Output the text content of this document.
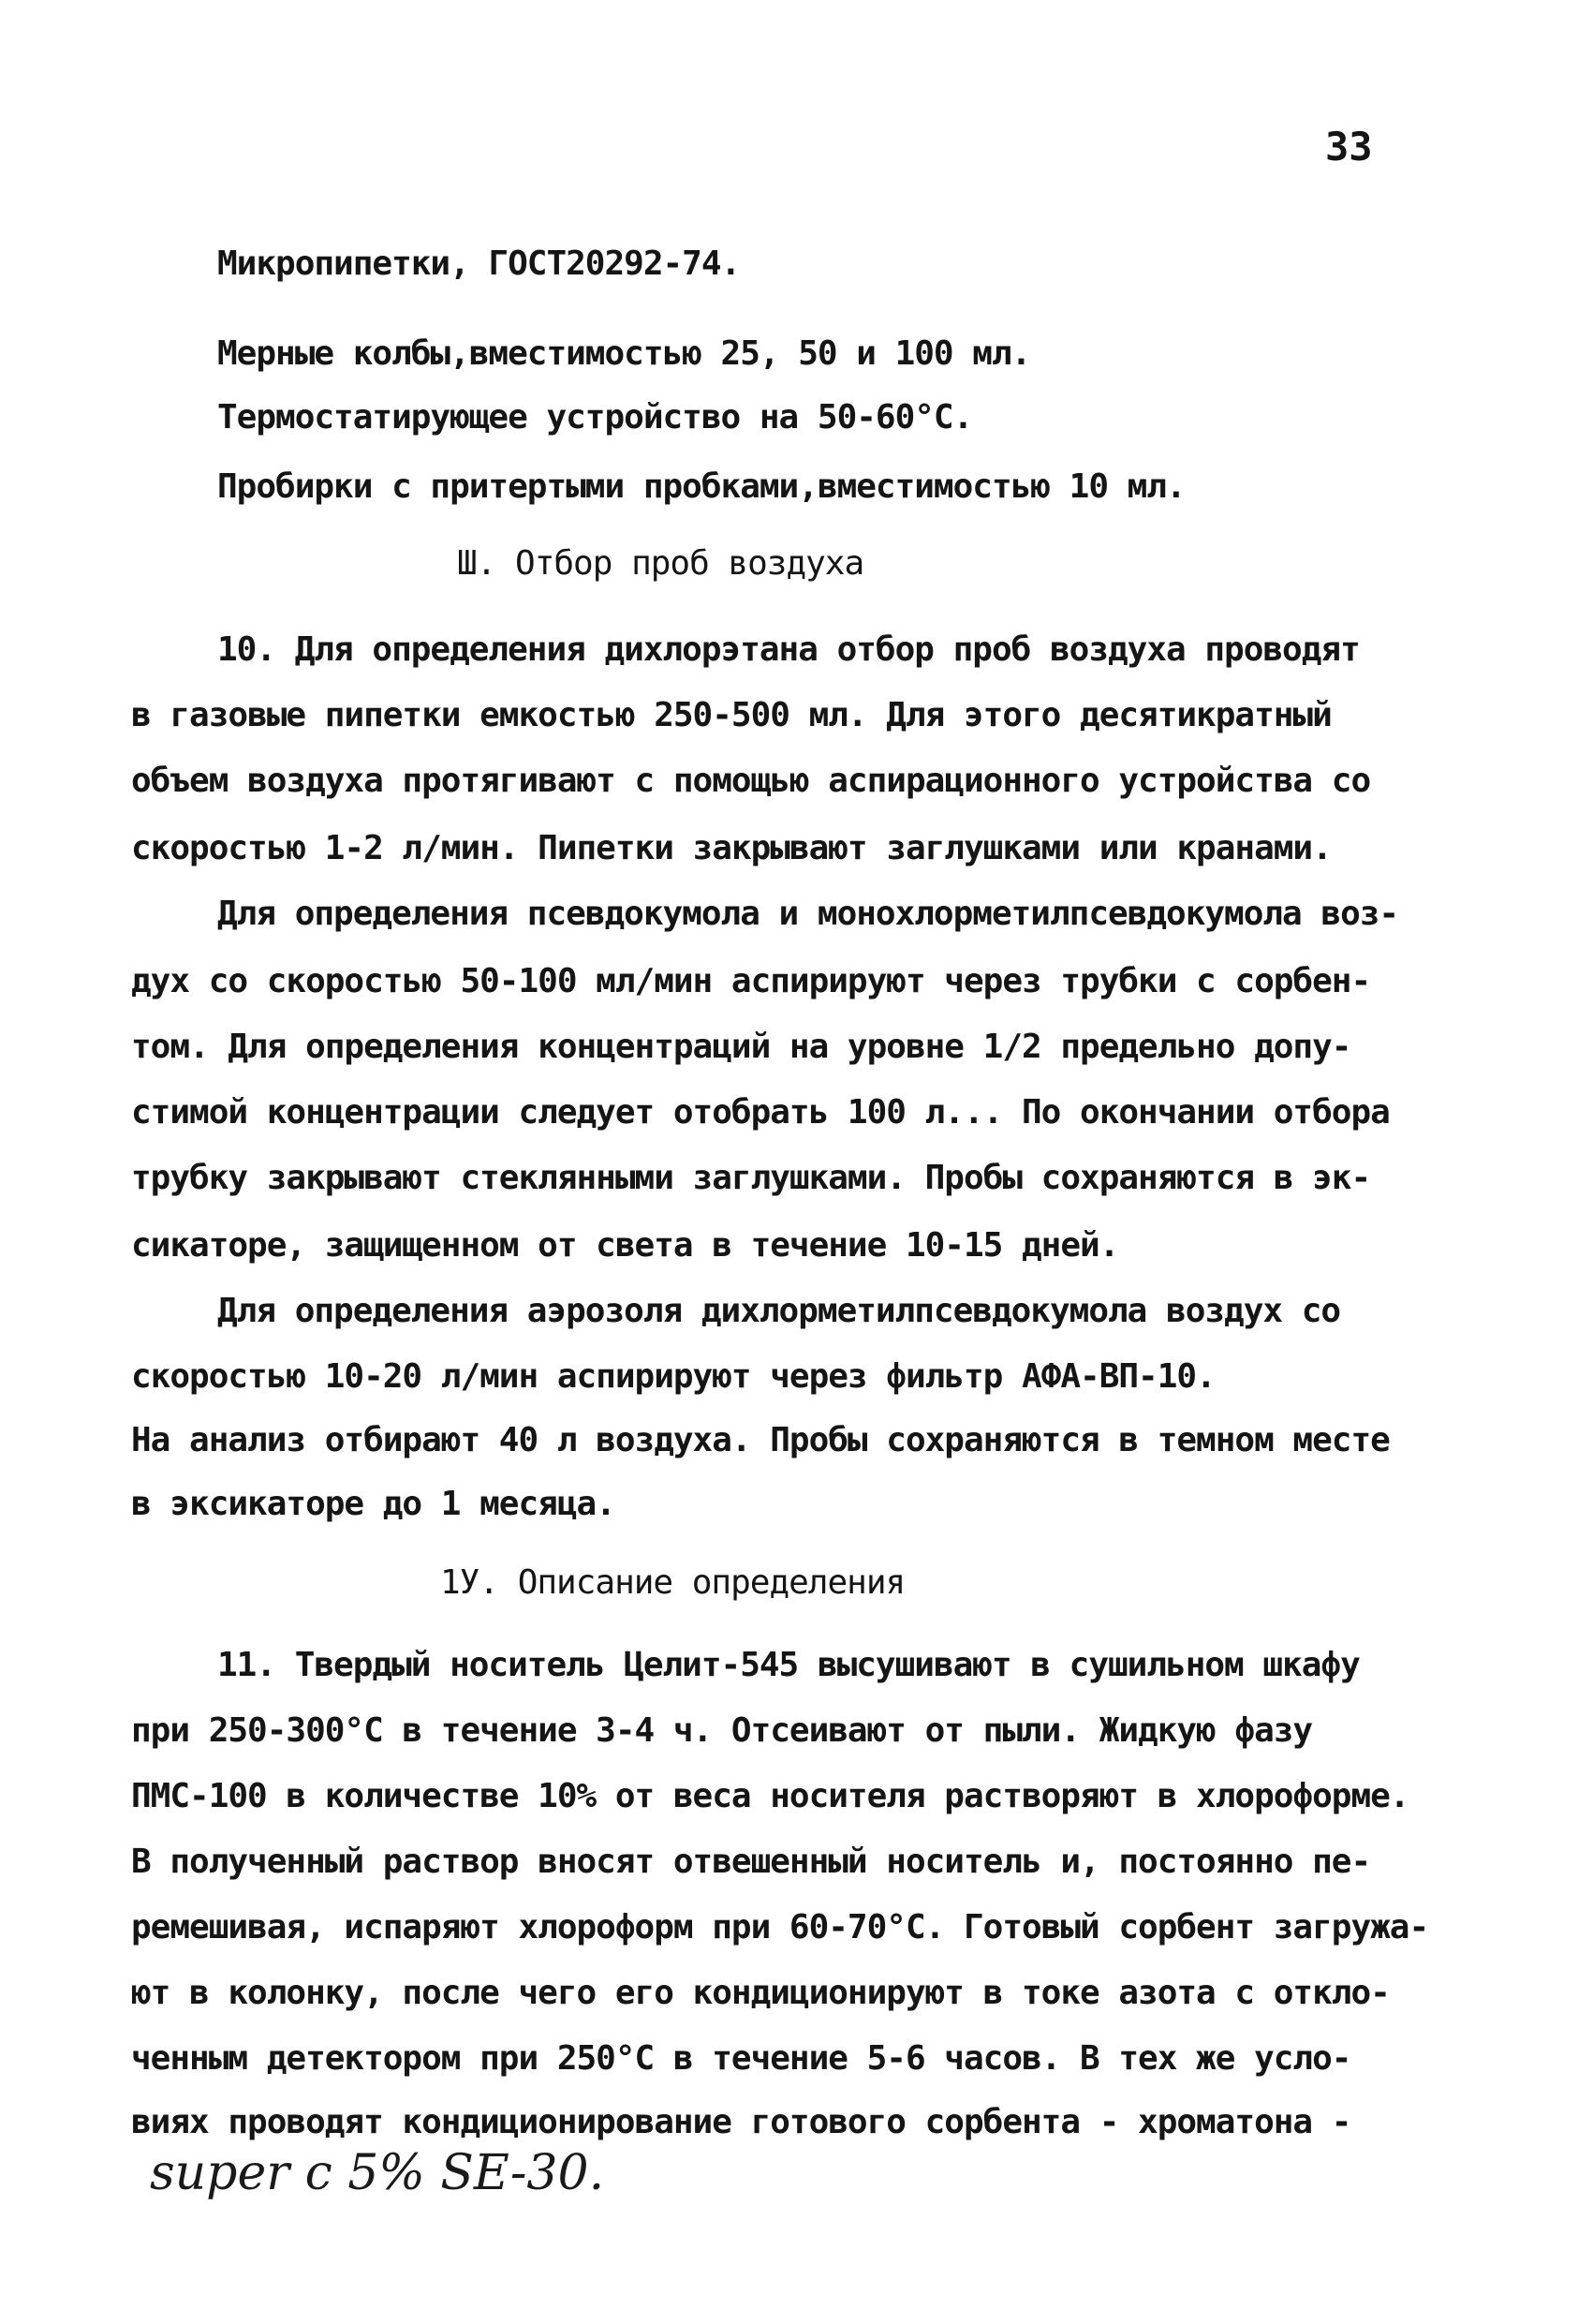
33
Микропипетки, ГОСТ20292-74.
Мерные колбы,вместимостью 25, 50 и 100 мл.
Термостатирующее устройство на 50-60°С.
Пробирки с притертыми пробками,вместимостью 10 мл.
Ш. Отбор проб воздуха
10. Для определения дихлорэтана отбор проб воздуха проводят
в газовые пипетки емкостью 250-500 мл. Для этого десятикратный
объем воздуха протягивают с помощью аспирационного устройства со
скоростью 1-2 л/мин. Пипетки закрывают заглушками или кранами.
Для определения псевдокумола и монохлорметилпсевдокумола воз-
дух со скоростью 50-100 мл/мин аспирируют через трубки с сорбен-
том. Для определения концентраций на уровне 1/2 предельно допу-
стимой концентрации следует отобрать 100 л... По окончании отбора
трубку закрывают стеклянными заглушками. Пробы сохраняются в эк-
сикаторе, защищенном от света в течение 10-15 дней.
Для определения аэрозоля дихлорметилпсевдокумола воздух со
скоростью 10-20 л/мин аспирируют через фильтр АФА-ВП-10.
На анализ отбирают 40 л воздуха. Пробы сохраняются в темном месте
в эксикаторе до 1 месяца.
1У. Описание определения
11. Твердый носитель Целит-545 высушивают в сушильном шкафу
при 250-300°С в течение 3-4 ч. Отсеивают от пыли. Жидкую фазу
ПМС-100 в количестве 10% от веса носителя растворяют в хлороформе.
В полученный раствор вносят отвешенный носитель и, постоянно пе-
ремешивая, испаряют хлороформ при 60-70°С. Готовый сорбент загружа-
ют в колонку, после чего его кондиционируют в токе азота с откло-
ченным детектором при 250°С в течение 5-6 часов. В тех же усло-
виях проводят кондиционирование готового сорбента - хроматона -
super c 5% SE-30.
